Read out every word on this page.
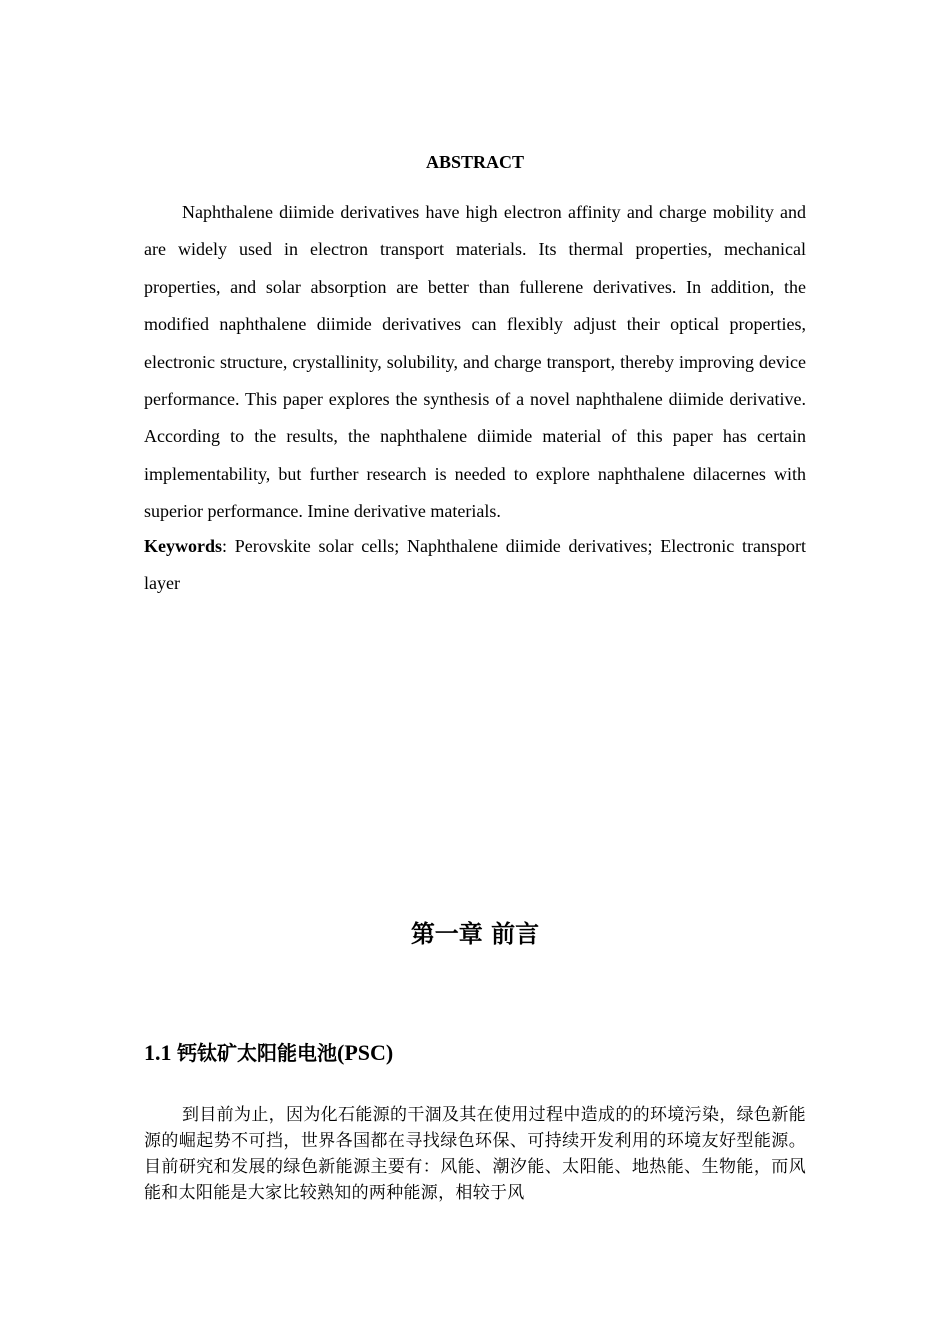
ABSTRACT

Naphthalene diimide derivatives have high electron affinity and charge mobility and are widely used in electron transport materials. Its thermal properties, mechanical properties, and solar absorption are better than fullerene derivatives. In addition, the modified naphthalene diimide derivatives can flexibly adjust their optical properties, electronic structure, crystallinity, solubility, and charge transport, thereby improving device performance. This paper explores the synthesis of a novel naphthalene diimide derivative. According to the results, the naphthalene diimide material of this paper has certain implementability, but further research is needed to explore naphthalene dilacernes with superior performance. Imine derivative materials.

Keywords: Perovskite solar cells; Naphthalene diimide derivatives; Electronic transport layer

第一章 前言
1.1 钙钛矿太阳能电池(PSC)

到目前为止，因为化石能源的干涸及其在使用过程中造成的的环境污染，绿色新能源的崛起势不可挡，世界各国都在寻找绿色环保、可持续开发利用的环境友好型能源。目前研究和发展的绿色新能源主要有：风能、潮汐能、太阳能、地热能、生物能，而风能和太阳能是大家比较熟知的两种能源，相较于风
